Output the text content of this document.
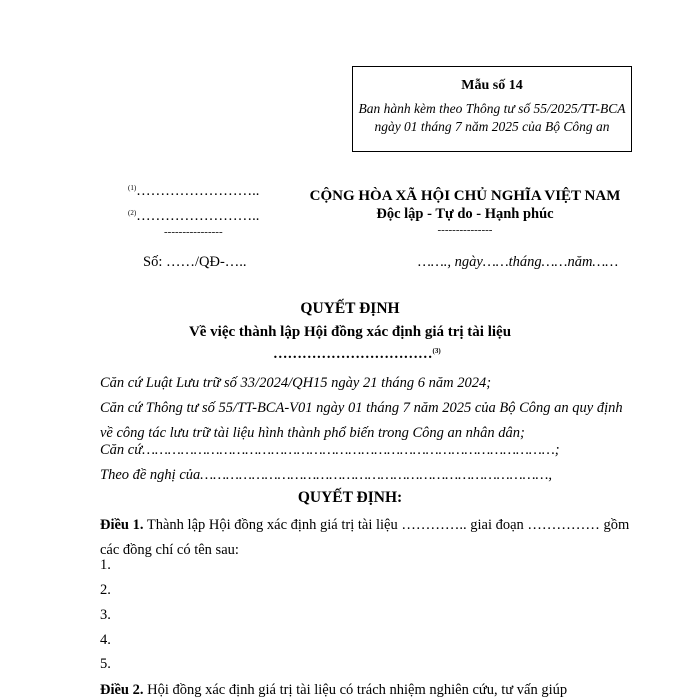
Mẫu số 14
Ban hành kèm theo Thông tư số 55/2025/TT-BCA ngày 01 tháng 7 năm 2025 của Bộ Công an
$^{(1)}$……………………..
$^{(2)}$……………………..
----------------
CỘNG HÒA XÃ HỘI CHỦ NGHĨA VIỆT NAM
Độc lập - Tự do - Hạnh phúc
---------------
Số: ……/QĐ-…..	……., ngày……tháng……năm……
QUYẾT ĐỊNH
Về việc thành lập Hội đồng xác định giá trị tài liệu
……………………………$^{(3)}$
Căn cứ Luật Lưu trữ số 33/2024/QH15 ngày 21 tháng 6 năm 2024;
Căn cứ Thông tư số 55/TT-BCA-V01 ngày 01 tháng 7 năm 2025 của Bộ Công an quy định về công tác lưu trữ tài liệu hình thành phổ biến trong Công an nhân dân;
Căn cứ……………………………………………………………………………………;
Theo đề nghị của………………………………………………………………………,
QUYẾT ĐỊNH:
Điều 1. Thành lập Hội đồng xác định giá trị tài liệu ………….. giai đoạn …………… gồm các đồng chí có tên sau:
1.
2.
3.
4.
5.
Điều 2. Hội đồng xác định giá trị tài liệu có trách nhiệm nghiên cứu, tư vấn giúp
